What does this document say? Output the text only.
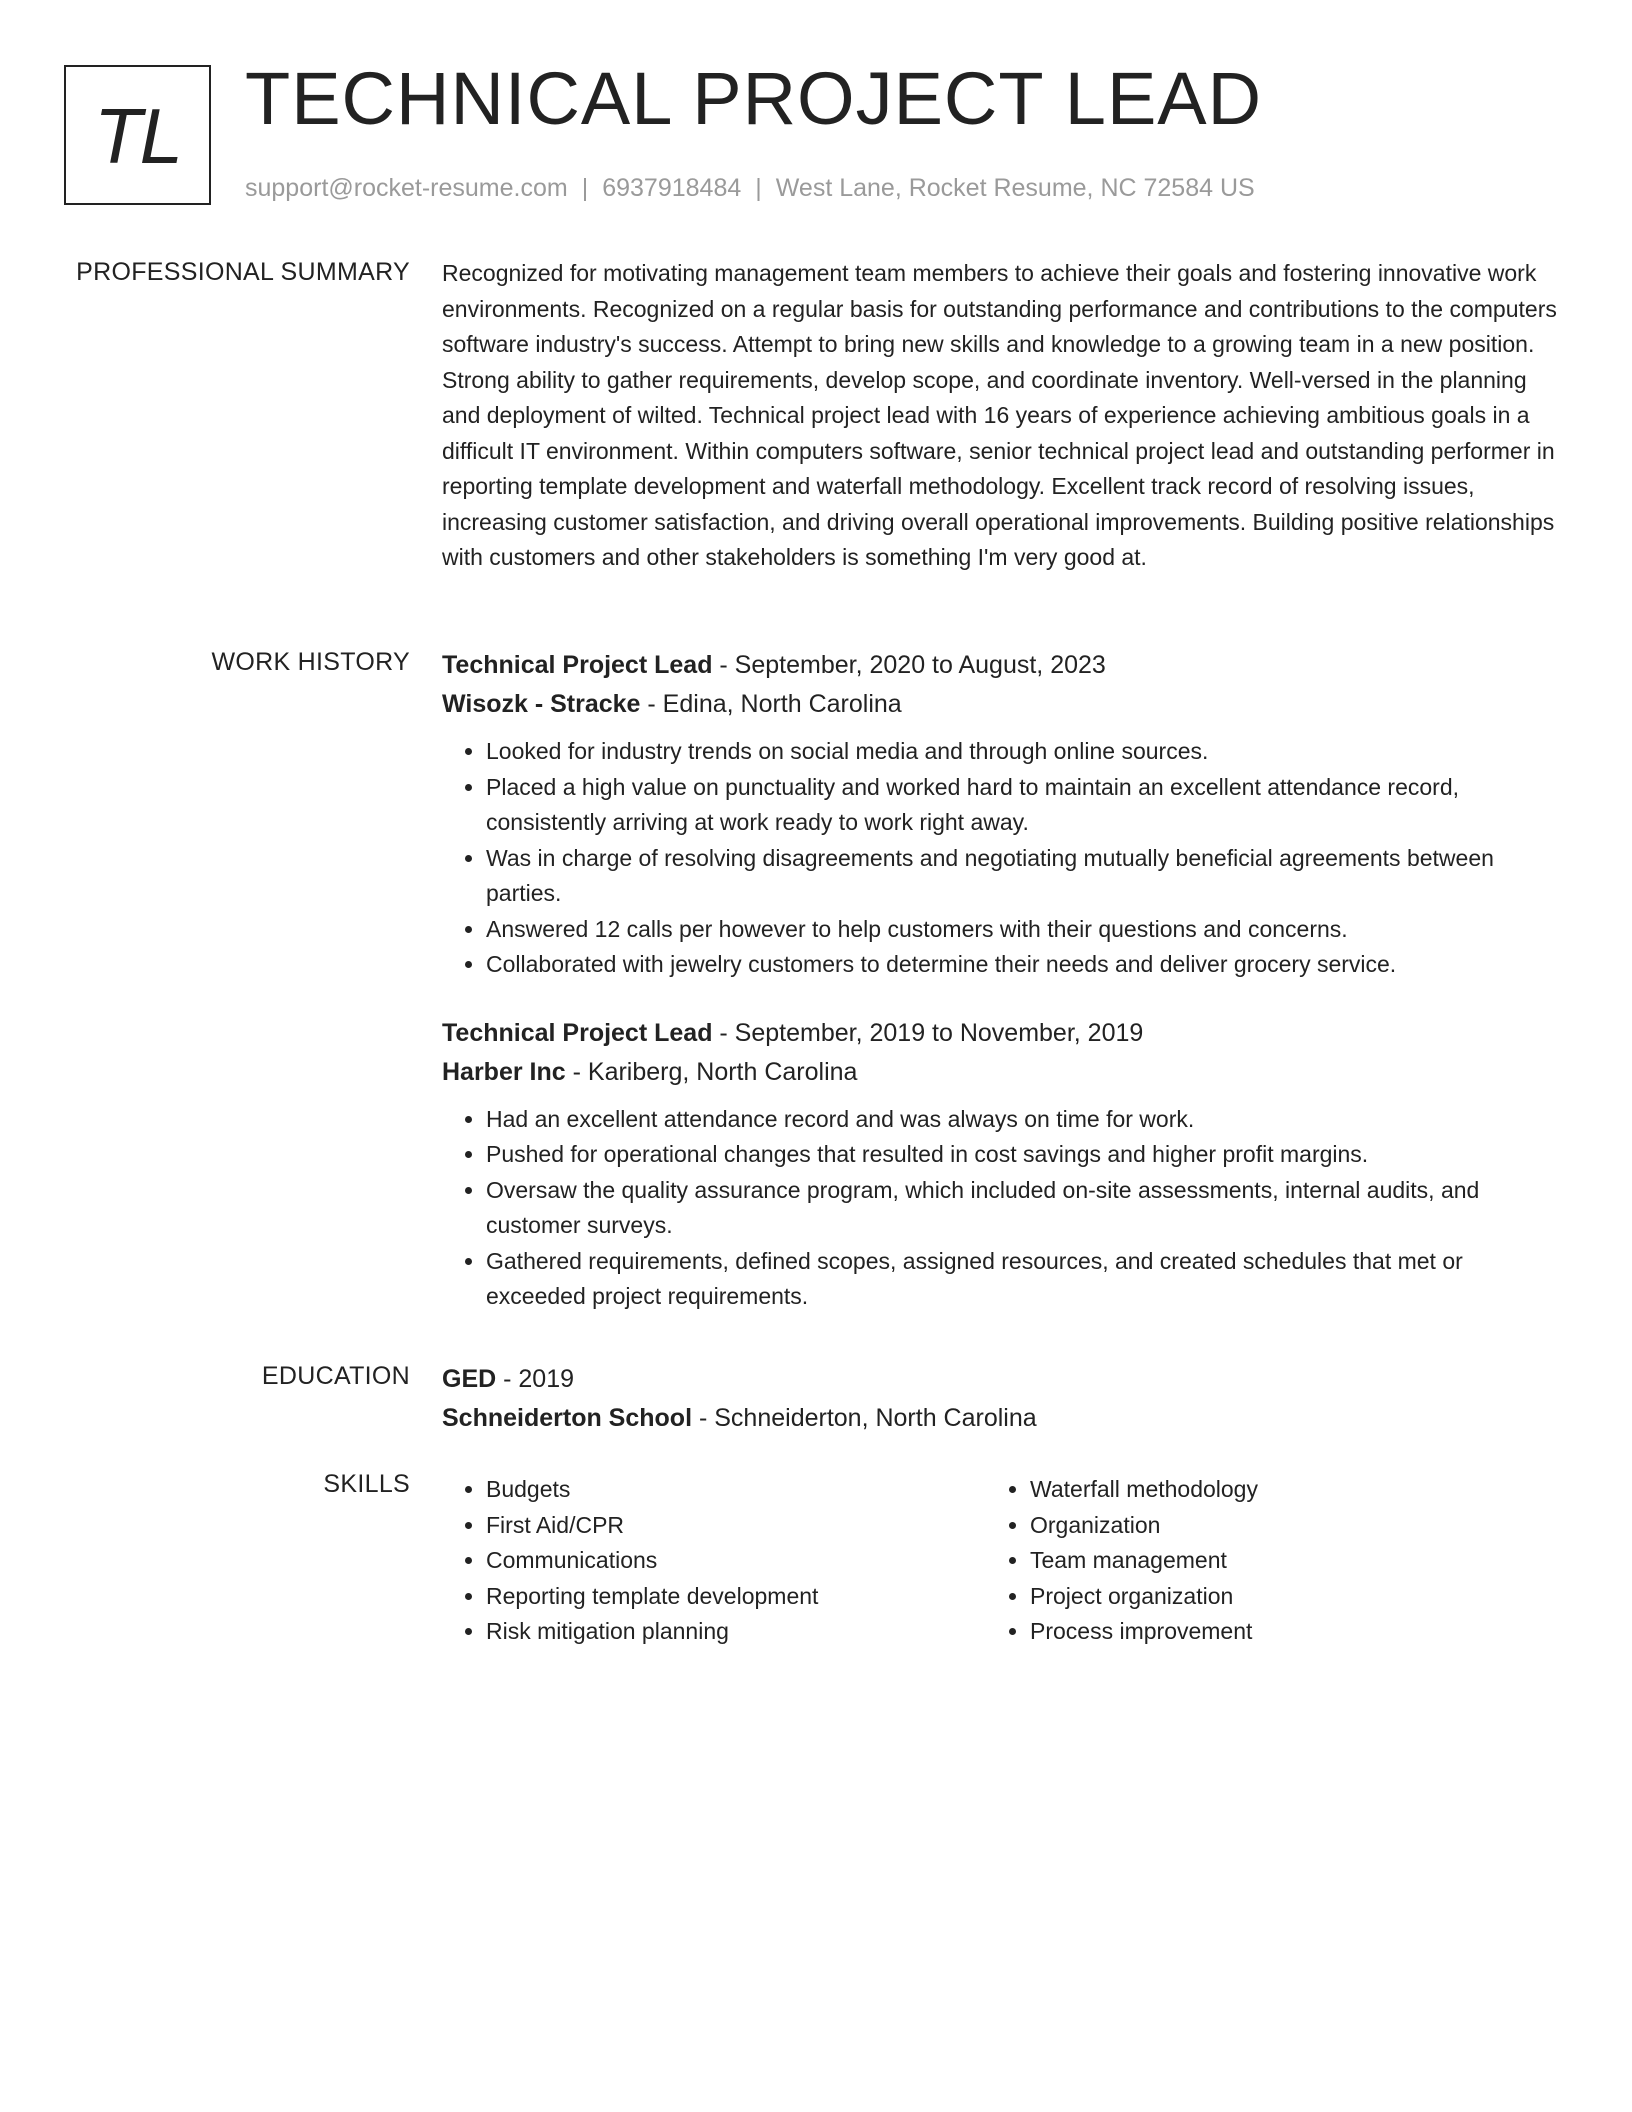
TL TECHNICAL PROJECT LEAD
support@rocket-resume.com | 6937918484 | West Lane, Rocket Resume, NC 72584 US
PROFESSIONAL SUMMARY Recognized for motivating management team members to achieve their goals and fostering innovative work environments. Recognized on a regular basis for outstanding performance and contributions to the computers software industry's success. Attempt to bring new skills and knowledge to a growing team in a new position. Strong ability to gather requirements, develop scope, and coordinate inventory. Well-versed in the planning and deployment of wilted. Technical project lead with 16 years of experience achieving ambitious goals in a difficult IT environment. Within computers software, senior technical project lead and outstanding performer in reporting template development and waterfall methodology. Excellent track record of resolving issues, increasing customer satisfaction, and driving overall operational improvements. Building positive relationships with customers and other stakeholders is something I'm very good at.

WORK HISTORY Technical Project Lead - September, 2020 to August, 2023
Wisozk - Stracke - Edina, North Carolina
• Looked for industry trends on social media and through online sources.
• Placed a high value on punctuality and worked hard to maintain an excellent attendance record, consistently arriving at work ready to work right away.
• Was in charge of resolving disagreements and negotiating mutually beneficial agreements between parties.
• Answered 12 calls per however to help customers with their questions and concerns.
• Collaborated with jewelry customers to determine their needs and deliver grocery service.
Technical Project Lead - September, 2019 to November, 2019
Harber Inc - Kariberg, North Carolina
• Had an excellent attendance record and was always on time for work.
• Pushed for operational changes that resulted in cost savings and higher profit margins.
• Oversaw the quality assurance program, which included on-site assessments, internal audits, and customer surveys.
• Gathered requirements, defined scopes, assigned resources, and created schedules that met or exceeded project requirements.
EDUCATION GED - 2019
Schneiderton School - Schneiderton, North Carolina
SKILLS
•	Budgets
• First Aid/CPR
• Communications
• Reporting template development
• Risk mitigation planning
• Waterfall methodology
• Organization
• Team management
• Project organization
• Process improvement
